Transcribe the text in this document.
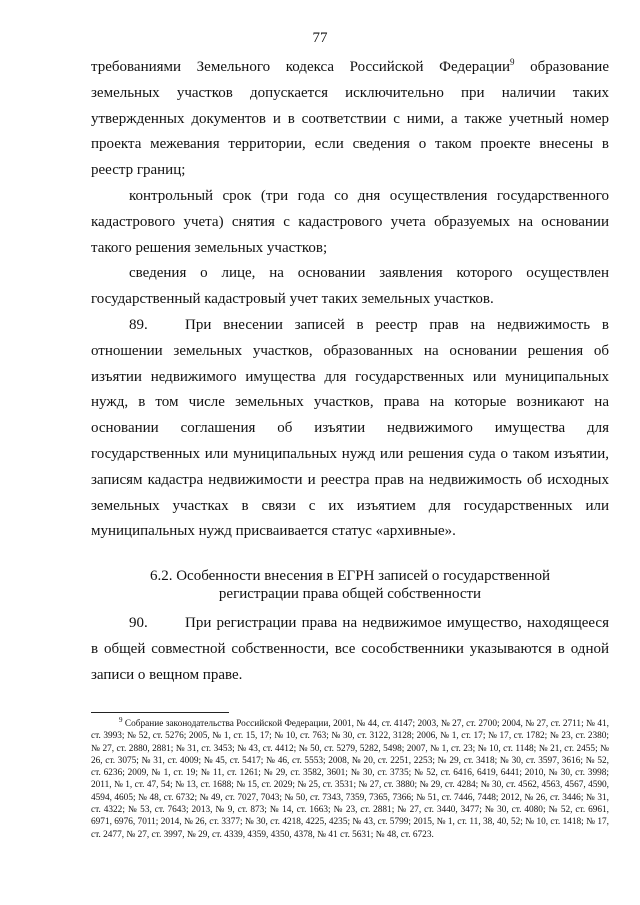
77

требованиями Земельного кодекса Российской Федерации$^9$ образование земельных участков допускается исключительно при наличии таких утвержденных документов и в соответствии с ними, а также учетный номер проекта межевания территории, если сведения о таком проекте внесены в реестр границ;

контрольный срок (три года со дня осуществления государственного кадастрового учета) снятия с кадастрового учета образуемых на основании такого решения земельных участков;

сведения о лице, на основании заявления которого осуществлен государственный кадастровый учет таких земельных участков.

89. При внесении записей в реестр прав на недвижимость в отношении земельных участков, образованных на основании решения об изъятии недвижимого имущества для государственных или муниципальных нужд, в том числе земельных участков, права на которые возникают на основании соглашения об изъятии недвижимого имущества для государственных или муниципальных нужд или решения суда о таком изъятии, записям кадастра недвижимости и реестра прав на недвижимость об исходных земельных участках в связи с их изъятием для государственных или муниципальных нужд присваивается статус «архивные».

6.2. Особенности внесения в ЕГРН записей о государственной
регистрации права общей собственности

90. При регистрации права на недвижимое имущество, находящееся в общей совместной собственности, все сособственники указываются в одной записи о вещном праве.

$^9$ Собрание законодательства Российской Федерации, 2001, № 44, ст. 4147; 2003, № 27, ст. 2700; 2004, № 27, ст. 2711; № 41, ст. 3993; № 52, ст. 5276; 2005, № 1, ст. 15, 17; № 10, ст. 763; № 30, ст. 3122, 3128; 2006, № 1, ст. 17; № 17, ст. 1782; № 23, ст. 2380; № 27, ст. 2880, 2881; № 31, ст. 3453; № 43, ст. 4412; № 50, ст. 5279, 5282, 5498; 2007, № 1, ст. 23; № 10, ст. 1148; № 21, ст. 2455; № 26, ст. 3075; № 31, ст. 4009; № 45, ст. 5417; № 46, ст. 5553; 2008, № 20, ст. 2251, 2253; № 29, ст. 3418; № 30, ст. 3597, 3616; № 52, ст. 6236; 2009, № 1, ст. 19; № 11, ст. 1261; № 29, ст. 3582, 3601; № 30, ст. 3735; № 52, ст. 6416, 6419, 6441; 2010, № 30, ст. 3998; 2011, № 1, ст. 47, 54; № 13, ст. 1688; № 15, ст. 2029; № 25, ст. 3531; № 27, ст. 3880; № 29, ст. 4284; № 30, ст. 4562, 4563, 4567, 4590, 4594, 4605; № 48, ст. 6732; № 49, ст. 7027, 7043; № 50, ст. 7343, 7359, 7365, 7366; № 51, ст. 7446, 7448; 2012, № 26, ст. 3446; № 31, ст. 4322; № 53, ст. 7643; 2013, № 9, ст. 873; № 14, ст. 1663; № 23, ст. 2881; № 27, ст. 3440, 3477; № 30, ст. 4080; № 52, ст. 6961, 6971, 6976, 7011; 2014, № 26, ст. 3377; № 30, ст. 4218, 4225, 4235; № 43, ст. 5799; 2015, № 1, ст. 11, 38, 40, 52; № 10, ст. 1418; № 17, ст. 2477, № 27, ст. 3997, № 29, ст. 4339, 4359, 4350, 4378, № 41 ст. 5631; № 48, ст. 6723.
